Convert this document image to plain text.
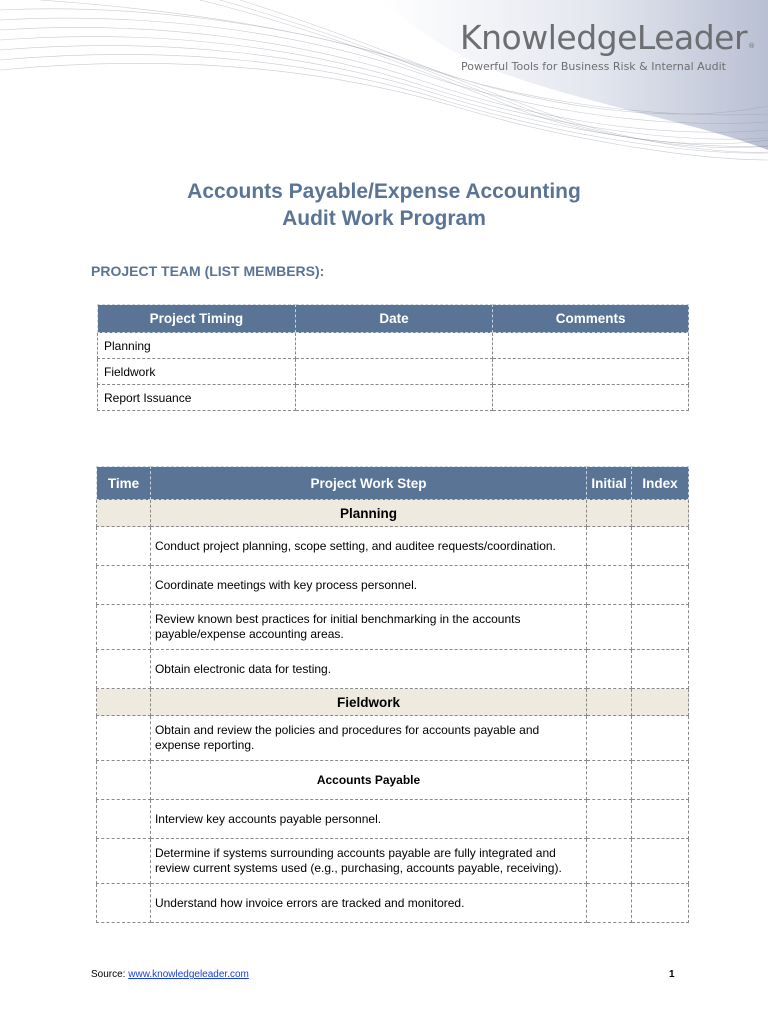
KnowledgeLeader®
Powerful Tools for Business Risk & Internal Audit
Accounts Payable/Expense Accounting
Audit Work Program
PROJECT TEAM (LIST MEMBERS):
Project Timing	Date	Comments
Planning		
Fieldwork		
Report Issuance		
Time	Project Work Step	Initial	Index
	Planning		
	Conduct project planning, scope setting, and auditee requests/coordination.		
	Coordinate meetings with key process personnel.		
	Review known best practices for initial benchmarking in the accounts payable/expense accounting areas.		
	Obtain electronic data for testing.		
	Fieldwork		
	Obtain and review the policies and procedures for accounts payable and expense reporting.		
	Accounts Payable		
	Interview key accounts payable personnel.		
	Determine if systems surrounding accounts payable are fully integrated and review current systems used (e.g., purchasing, accounts payable, receiving).		
	Understand how invoice errors are tracked and monitored.		
Source: www.knowledgeleader.com	1
